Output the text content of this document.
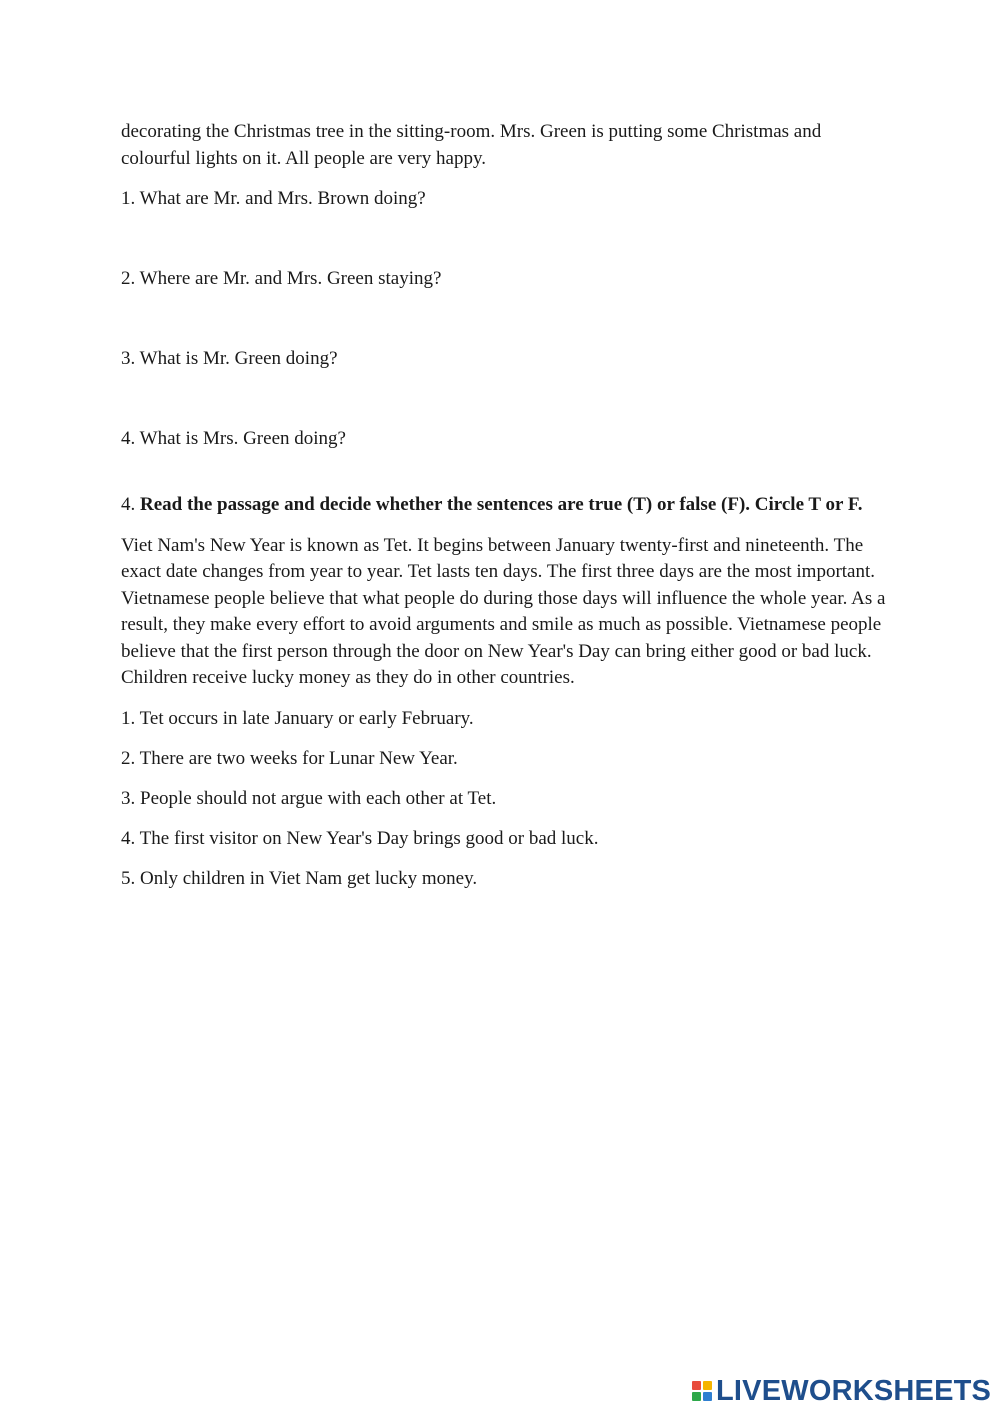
decorating the Christmas tree in the sitting-room. Mrs. Green is putting some Christmas and colourful lights on it. All people are very happy.

1. What are Mr. and Mrs. Brown doing?

2. Where are Mr. and Mrs. Green staying?

3. What is Mr. Green doing?

4. What is Mrs. Green doing?

4. Read the passage and decide whether the sentences are true (T) or false (F). Circle T or F.

Viet Nam's New Year is known as Tet. It begins between January twenty-first and nineteenth. The exact date changes from year to year. Tet lasts ten days. The first three days are the most important. Vietnamese people believe that what people do during those days will influence the whole year. As a result, they make every effort to avoid arguments and smile as much as possible. Vietnamese people believe that the first person through the door on New Year's Day can bring either good or bad luck. Children receive lucky money as they do in other countries.

1. Tet occurs in late January or early February.

2. There are two weeks for Lunar New Year.

3. People should not argue with each other at Tet.

4. The first visitor on New Year's Day brings good or bad luck.

5. Only children in Viet Nam get lucky money.

LIVEWORKSHEETS
